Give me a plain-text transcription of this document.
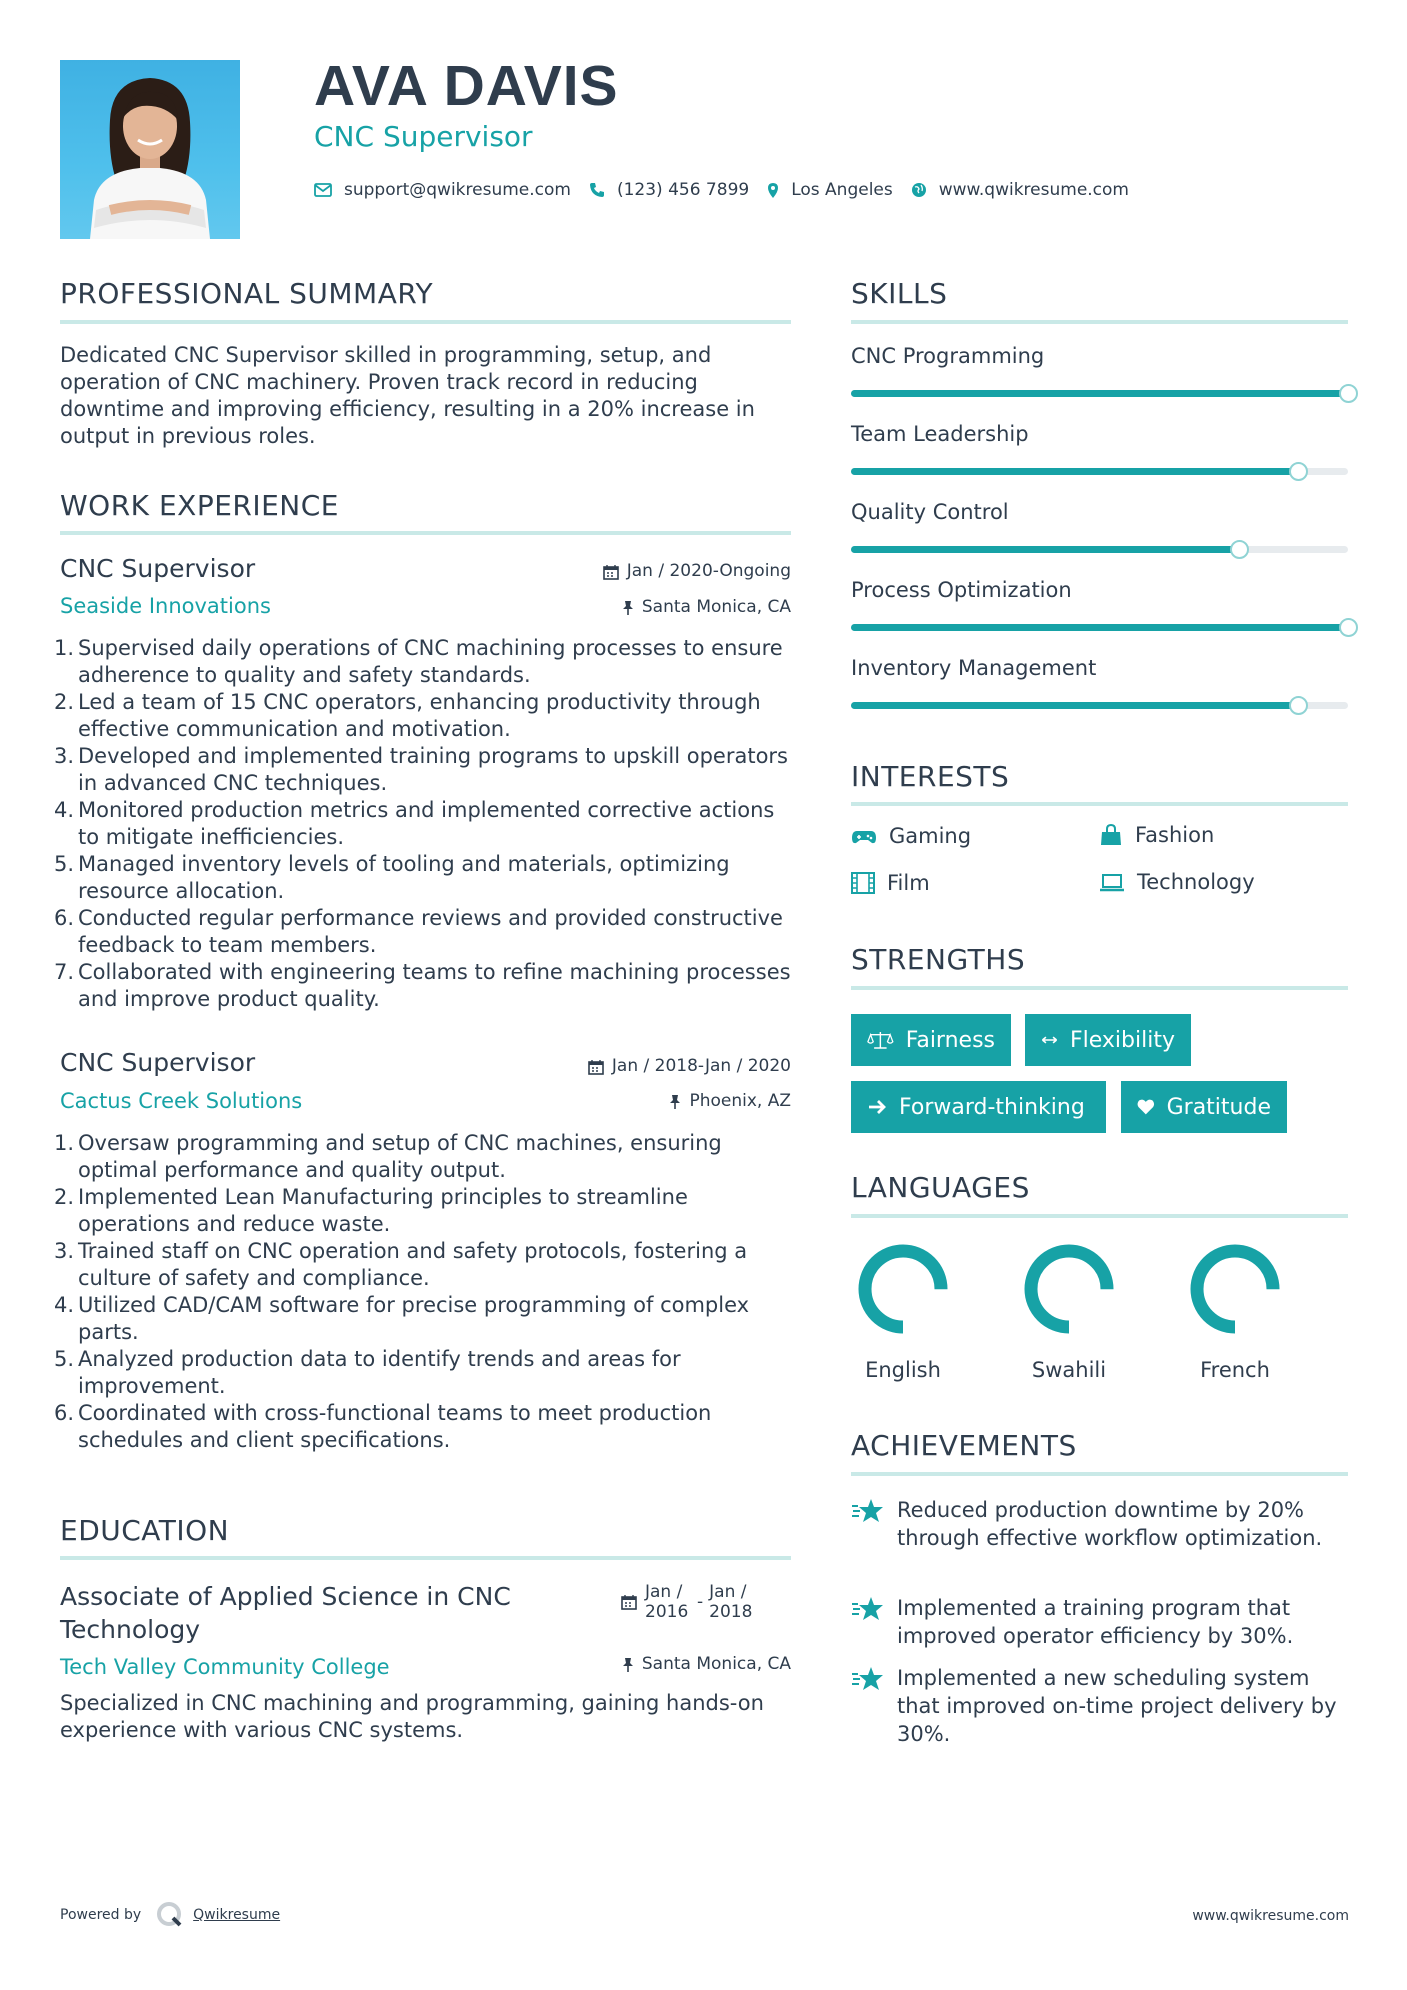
AVA DAVIS
CNC Supervisor
support@qwikresume.com	(123) 456 7899 Los Angeles	www.qwikresume.com
PROFESSIONAL SUMMARY
Dedicated CNC Supervisor skilled in programming, setup, and operation of CNC machinery. Proven track record in reducing downtime and improving efficiency, resulting in a 20% increase in output in previous roles.
WORK EXPERIENCE
CNC Supervisor	Jan / 2020-Ongoing
Seaside Innovations	Santa Monica, CA
1. Supervised daily operations of CNC machining processes to ensure adherence to quality and safety standards.
2. Led a team of 15 CNC operators, enhancing productivity through effective communication and motivation.
3. Developed and implemented training programs to upskill operators in advanced CNC techniques.
4. Monitored production metrics and implemented corrective actions to mitigate inefficiencies.
5. Managed inventory levels of tooling and materials, optimizing resource allocation.
6. Conducted regular performance reviews and provided constructive feedback to team members.
7. Collaborated with engineering teams to refine machining processes and improve product quality.
CNC Supervisor	Jan / 2018-Jan / 2020
Cactus Creek Solutions	Phoenix, AZ
1. Oversaw programming and setup of CNC machines, ensuring optimal performance and quality output.
2. Implemented Lean Manufacturing principles to streamline operations and reduce waste.
3. Trained staff on CNC operation and safety protocols, fostering a culture of safety and compliance.
4. Utilized CAD/CAM software for precise programming of complex parts.
5. Analyzed production data to identify trends and areas for improvement.
6. Coordinated with cross-functional teams to meet production schedules and client specifications.
EDUCATION
Associate of Applied Science in CNC Technology
Jan / 2016 - Jan / 2018
Tech Valley Community College	Santa Monica, CA
Specialized in CNC machining and programming, gaining hands-on experience with various CNC systems.
SKILLS
CNC Programming
Team Leadership
Quality Control
Process Optimization
Inventory Management
INTERESTS
Gaming	Fashion
Film	Technology
STRENGTHS
Fairness	Flexibility
Forward-thinking	Gratitude
LANGUAGES
English	Swahili	French
ACHIEVEMENTS
Reduced production downtime by 20% through effective workflow optimization.
Implemented a training program that improved operator efficiency by 30%.
Implemented a new scheduling system that improved on-time project delivery by 30%.
Powered by	Qwikresume	www.qwikresume.com
